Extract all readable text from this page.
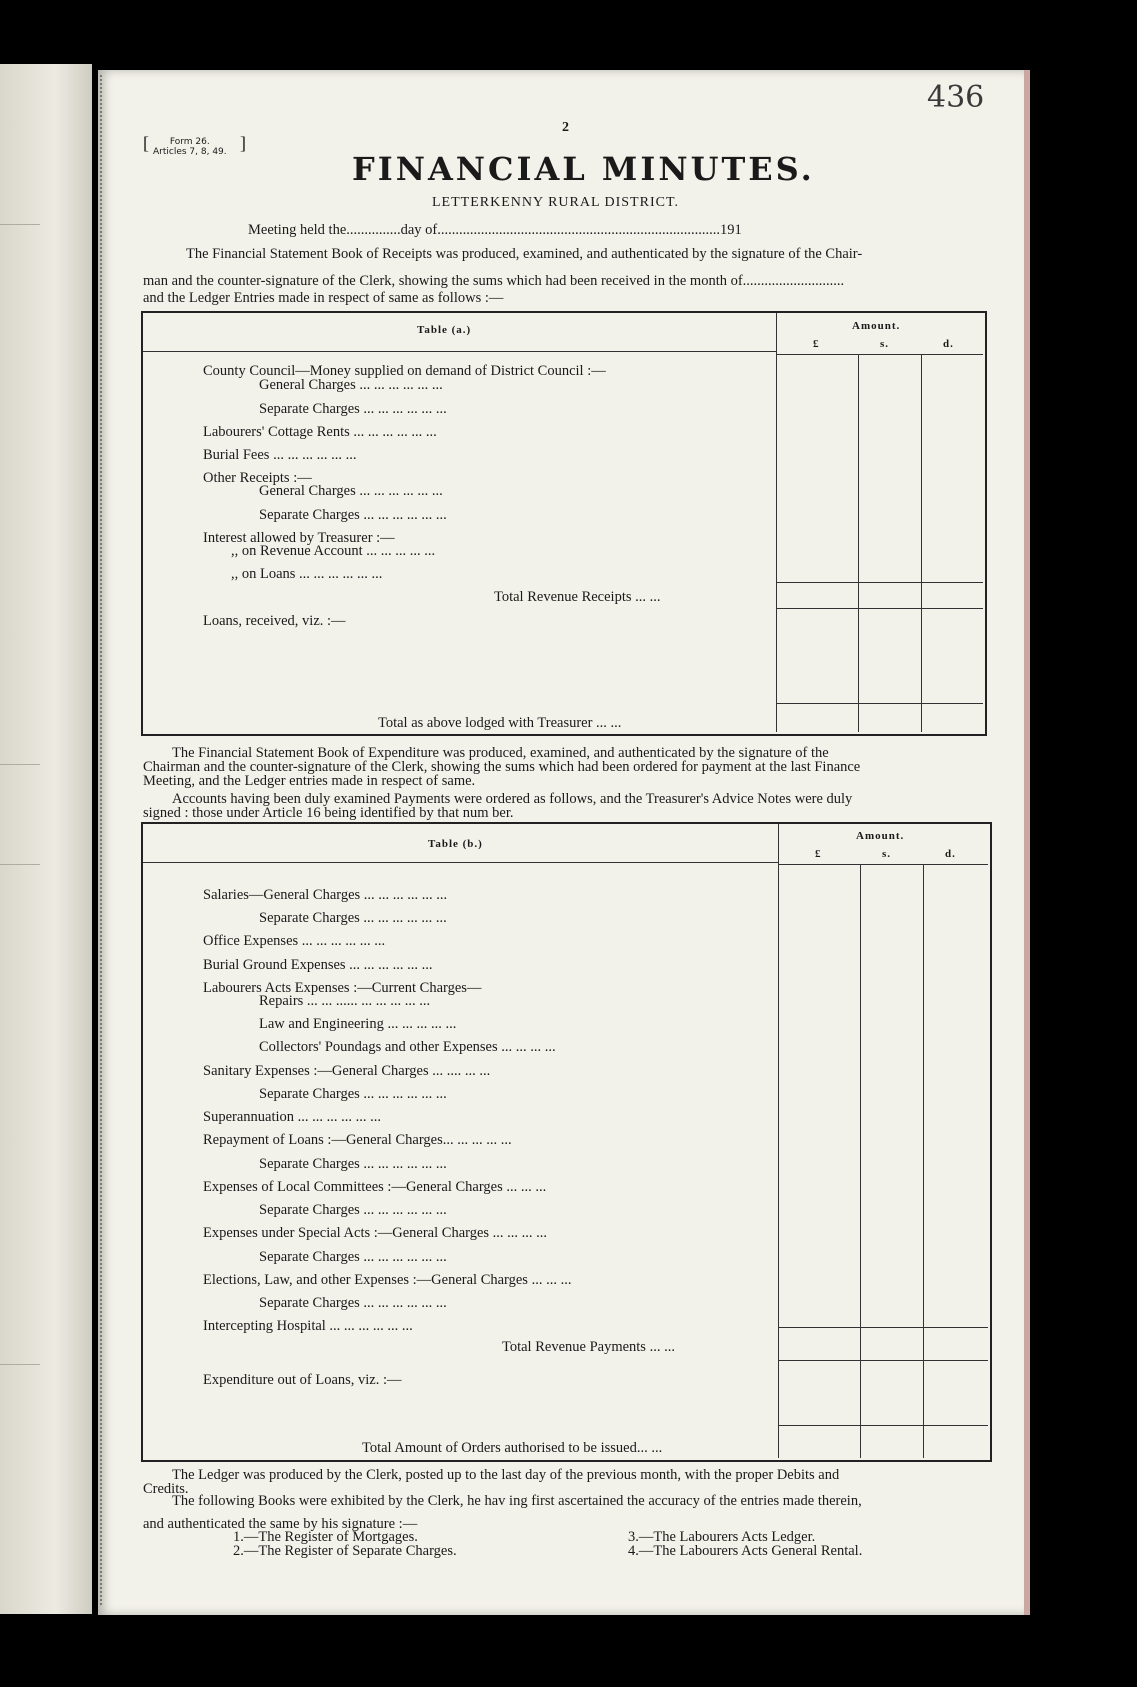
436
2
[	Form 26.
Articles 7, 8, 49. ]
FINANCIAL MINUTES.
LETTERKENNY RURAL DISTRICT.
Meeting held the...............day of..............................................................................191
The Financial Statement Book of Receipts was produced, examined, and authenticated by the signature of the Chair-
man and the counter-signature of the Clerk, showing the sums which had been received in the month of............................
and the Ledger Entries made in respect of same as follows :—
Table (a.)	Amount.
£	s.	d.
County Council—Money supplied on demand of District Council :—
General Charges ... ... ... ... ... ...
Separate Charges ... ... ... ... ... ...
Labourers' Cottage Rents ... ... ... ... ... ...
Burial Fees ... ... ... ... ... ...
Other Receipts :—
General Charges ... ... ... ... ... ...
Separate Charges ... ... ... ... ... ...
Interest allowed by Treasurer :—
,, on Revenue Account ... ... ... ... ...
,, on Loans ... ... ... ... ... ...
Total Revenue Receipts ... ...
Loans, received, viz. :—
Total as above lodged with Treasurer ... ...
The Financial Statement Book of Expenditure was produced, examined, and authenticated by the signature of the
Chairman and the counter-signature of the Clerk, showing the sums which had been ordered for payment at the last Finance
Meeting, and the Ledger entries made in respect of same.
Accounts having been duly examined Payments were ordered as follows, and the Treasurer's Advice Notes were duly
signed : those under Article 16 being identified by that num ber.
Table (b.)
Amount.
£	s.	d.
Salaries—General Charges ... ... ... ... ... ...
Separate Charges ... ... ... ... ... ...
Office Expenses ... ... ... ... ... ...
Burial Ground Expenses ... ... ... ... ... ...
Labourers Acts Expenses :—Current Charges—
Repairs ... ... ...... ... ... ... ... ...
Law and Engineering ... ... ... ... ...
Collectors' Poundags and other Expenses ... ... ... ...
Sanitary Expenses :—General Charges ... .... ... ...
Separate Charges ... ... ... ... ... ...
Superannuation ... ... ... ... ... ...
Repayment of Loans :—General Charges... ... ... ... ...
Separate Charges ... ... ... ... ... ...
Expenses of Local Committees :—General Charges ... ... ...
Separate Charges ... ... ... ... ... ...
Expenses under Special Acts :—General Charges ... ... ... ...
Separate Charges ... ... ... ... ... ...
Elections, Law, and other Expenses :—General Charges ... ... ...
Separate Charges ... ... ... ... ... ...
Intercepting Hospital ... ... ... ... ... ...
Total Revenue Payments ... ...
Expenditure out of Loans, viz. :—
Total Amount of Orders authorised to be issued... ...
The Ledger was produced by the Clerk, posted up to the last day of the previous month, with the proper Debits and
Credits.
The following Books were exhibited by the Clerk, he hav ing first ascertained the accuracy of the entries made therein,
and authenticated the same by his signature :—
1.—The Register of Mortgages.
2.—The Register of Separate Charges.
3.—The Labourers Acts Ledger.
4.—The Labourers Acts General Rental.
